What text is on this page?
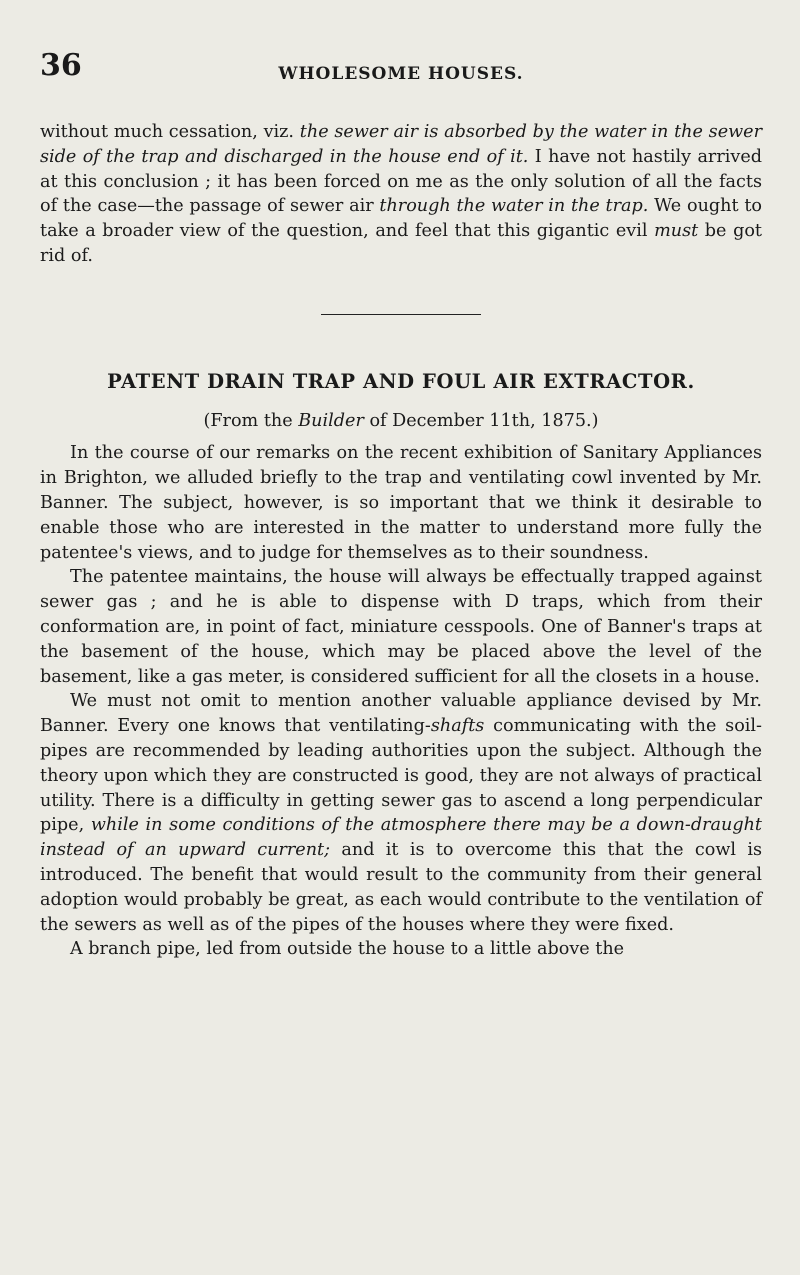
36	WHOLESOME HOUSES.

without much cessation, viz. the sewer air is absorbed by the water in the sewer side of the trap and discharged in the house end of it. I have not hastily arrived at this conclusion ; it has been forced on me as the only solution of all the facts of the case—the passage of sewer air through the water in the trap. We ought to take a broader view of the question, and feel that this gigantic evil must be got rid of.

PATENT DRAIN TRAP AND FOUL AIR EXTRACTOR.
(From the Builder of December 11th, 1875.)

In the course of our remarks on the recent exhibition of Sanitary Appliances in Brighton, we alluded briefly to the trap and ventilating cowl invented by Mr. Banner. The subject, however, is so important that we think it desirable to enable those who are interested in the matter to understand more fully the patentee's views, and to judge for themselves as to their soundness.

The patentee maintains, the house will always be effectually trapped against sewer gas ; and he is able to dispense with D traps, which from their conformation are, in point of fact, miniature cesspools. One of Banner's traps at the basement of the house, which may be placed above the level of the basement, like a gas meter, is considered sufficient for all the closets in a house.

We must not omit to mention another valuable appliance devised by Mr. Banner. Every one knows that ventilating-shafts communicating with the soil-pipes are recommended by leading authorities upon the subject. Although the theory upon which they are constructed is good, they are not always of practical utility. There is a difficulty in getting sewer gas to ascend a long perpendicular pipe, while in some conditions of the atmosphere there may be a down-draught instead of an upward current; and it is to overcome this that the cowl is introduced. The benefit that would result to the community from their general adoption would probably be great, as each would contribute to the ventilation of the sewers as well as of the pipes of the houses where they were fixed.

A branch pipe, led from outside the house to a little above the
